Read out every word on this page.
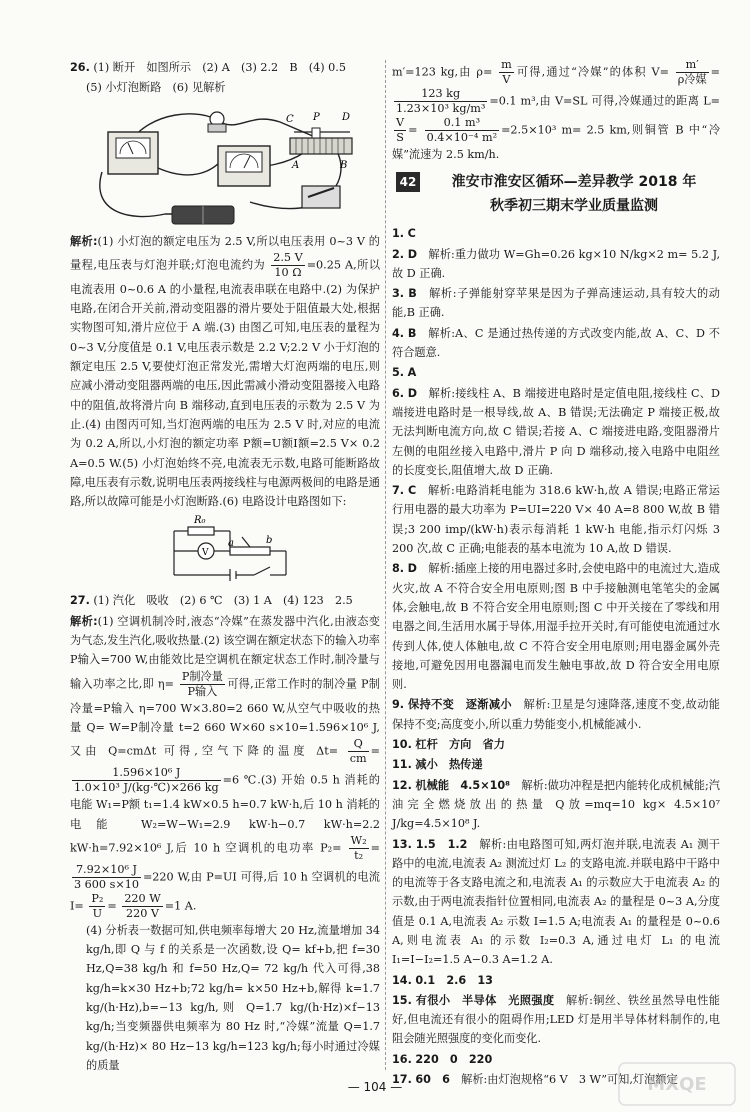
26. (1) 断开　如图所示　(2) A　(3) 2.2　B　(4) 0.5

(5) 小灯泡断路　(6) 见解析

C P D
A	B

解析:(1) 小灯泡的额定电压为 2.5 V,所以电压表用 0~3 V 的量程,电压表与灯泡并联;灯泡电流约为 $\frac{2.5 V}{10 \Omega} =0.25$ A,所以电流表用 0~0.6 A 的小量程,电流表串联在电路中.(2) 为保护电路,在闭合开关前,滑动变阻器的滑片要处于阻值最大处,根据实物图可知,滑片应位于 A 端.(3) 由图乙可知,电压表的量程为 0~3 V,分度值是 0.1 V,电压表示数是 2.2 V;2.2 V 小于灯泡的额定电压 2.5 V,要使灯泡正常发光,需增大灯泡两端的电压,则应减小滑动变阻器两端的电压,因此需减小滑动变阻器接入电路中的阻值,故将滑片向 B 端移动,直到电压表的示数为 2.5 V 为止.(4) 由图丙可知,当灯泡两端的电压为 2.5 V 时,对应的电流为 0.2 A,所以,小灯泡的额定功率 P额=U额I额=2.5 V× 0.2 A=0.5 W.(5) 小灯泡始终不亮,电流表无示数,电路可能断路故障,电压表有示数,说明电压表两接线柱与电源两极间的电路是通路,所以故障可能是小灯泡断路.(6) 电路设计电路图如下:

R₀
V
a	b

27. (1) 汽化　吸收　(2) 6 ℃　(3) 1 A　(4) 123　2.5

解析:(1) 空调机制冷时,液态“冷媒”在蒸发器中汽化,由液态变为气态,发生汽化,吸收热量.(2) 该空调在额定状态下的输入功率 P输入=700 W,由能效比是空调机在额定状态工作时,制冷量与输入功率之比,即 $\eta= \frac{\text{P制冷量}}{\text{P输入}}$ 可得,正常工作时的制冷量 P制冷量=P输入 η=700 W×3.80=2 660 W,从空气中吸收的热量 Q= W=P制冷量 t=2 660 W×60 s×10=1.596×10⁶ J,又由 Q=cmΔt 可得,空气下降的温度 $\Delta t= \frac{Q}{cm}$ =
$\frac{\text{1.596×10⁶ J}}{\text{1.0×10³ J/(kg·℃)×266 kg}} =6$ ℃.(3) 开始 0.5 h 消耗的电能 W₁=P额 t₁=1.4 kW×0.5 h=0.7 kW·h,后 10 h 消耗的电能 W₂=W−W₁=2.9 kW·h−0.7 kW·h=2.2 kW·h=7.92×10⁶ J,后 10 h 空调机的电功率 $P_2= \frac{\text{W₂}}{\text{t₂}}$ =
$\frac{\text{7.92×10⁶ J}}{3 600 s\times 10} =220$ W,由 P=UI 可得,后 10 h 空调机的电流 $I= \frac{\text{P₂}}{U} = \frac{220 W}{220 V} =1$ A.

(4) 分析表一数据可知,供电频率每增大 20 Hz,流量增加 34 kg/h,即 Q 与 f 的关系是一次函数,设 Q= kf+b,把 f=30 Hz,Q=38 kg/h 和 f=50 Hz,Q= 72 kg/h 代入可得,38 kg/h=k×30 Hz+b;72 kg/h= k×50 Hz+b,解得 k=1.7 kg/(h·Hz),b=−13 kg/h,则 Q=1.7 kg/(h·Hz)×f−13 kg/h;当变频器供电频率为 80 Hz 时,“冷媒”流量 Q=1.7 kg/(h·Hz)× 80 Hz−13 kg/h=123 kg/h;每小时通过冷媒的质量

m′=123 kg,由 $\rho= \frac{m}{V}$ 可得,通过“冷媒”的体积 $V= \frac{m'}{\text{ρ冷媒}}$ =
$\frac{123 kg}{\text{1.23×10³ kg/m³}} =0.1$ m³,由 V=SL 可得,冷媒通过的距离 L=
$\frac{V}{S} = \frac{\text{0.1 m³}}{\text{0.4×10⁻⁴ m²}} =2.5\times 10^3$ m= 2.5 km,则铜管 B 中“冷媒”流速为 2.5 km/h.

42	淮安市淮安区循环—差异教学 2018 年
秋季初三期末学业质量监测

1. C

2. D　 解析:重力做功 W=Gh=0.26 kg×10 N/kg×2 m= 5.2 J,故 D 正确.

3. B　 解析:子弹能射穿苹果是因为子弹高速运动,具有较大的动能,B 正确.

4. B　 解析:A、C 是通过热传递的方式改变内能,故 A、C、D 不符合题意.

5. A

6. D　 解析:接线柱 A、B 端接进电路时是定值电阻,接线柱 C、D 端接进电路时是一根导线,故 A、B 错误;无法确定 P 端接正极,故无法判断电流方向,故 C 错误;若接 A、C 端接进电路,变阻器滑片左侧的电阻丝接入电路中,滑片 P 向 D 端移动,接入电路中电阻丝的长度变长,阻值增大,故 D 正确.

7. C　 解析:电路消耗电能为 318.6 kW·h,故 A 错误;电路正常运行用电器的最大功率为 P=UI=220 V× 40 A=8 800 W,故 B 错误;3 200 imp/(kW·h)表示每消耗 1 kW·h 电能,指示灯闪烁 3 200 次,故 C 正确;电能表的基本电流为 10 A,故 D 错误.

8. D　 解析:插座上接的用电器过多时,会使电路中的电流过大,造成火灾,故 A 不符合安全用电原则;图 B 中手接触测电笔笔尖的金属体,会触电,故 B 不符合安全用电原则;图 C 中开关接在了零线和用电器之间,生活用水属于导体,用湿手拉开关时,有可能使电流通过水传到人体,使人体触电,故 C 不符合安全用电原则;用电器金属外壳接地,可避免因用电器漏电而发生触电事故,故 D 符合安全用电原则.

9. 保持不变　逐渐减小　 解析:卫星是匀速降落,速度不变,故动能保持不变;高度变小,所以重力势能变小,机械能减小.

10. 杠杆　方向　省力

11. 减小　热传递

12. 机械能　4.5×10⁸　 解析:做功冲程是把内能转化成机械能;汽油完全燃烧放出的热量 Q放=mq=10 kg× 4.5×10⁷ J/kg=4.5×10⁸ J.

13. 1.5　1.2　 解析:由电路图可知,两灯泡并联,电流表 A₁ 测干路中的电流,电流表 A₂ 测流过灯 L₂ 的支路电流.并联电路中干路中的电流等于各支路电流之和,电流表 A₁ 的示数应大于电流表 A₂ 的示数,由于两电流表指针位置相同,电流表 A₂ 的量程是 0~3 A,分度值是 0.1 A,电流表 A₂ 示数 I=1.5 A;电流表 A₁ 的量程是 0~0.6 A,则电流表 A₁ 的示数 I₂=0.3 A,通过电灯 L₁ 的电流 I₁=I−I₂=1.5 A−0.3 A=1.2 A.

14. 0.1　2.6　13

15. 有很小　半导体　光照强度　 解析:铜丝、铁丝虽然导电性能好,但电流还有很小的阻碍作用;LED 灯是用半导体材料制作的,电阻会随光照强度的变化而变化.

16. 220　0　220

17. 60　6　 解析:由灯泡规格“6 V　3 W”可知,灯泡额定

— 104 —	MXQE
